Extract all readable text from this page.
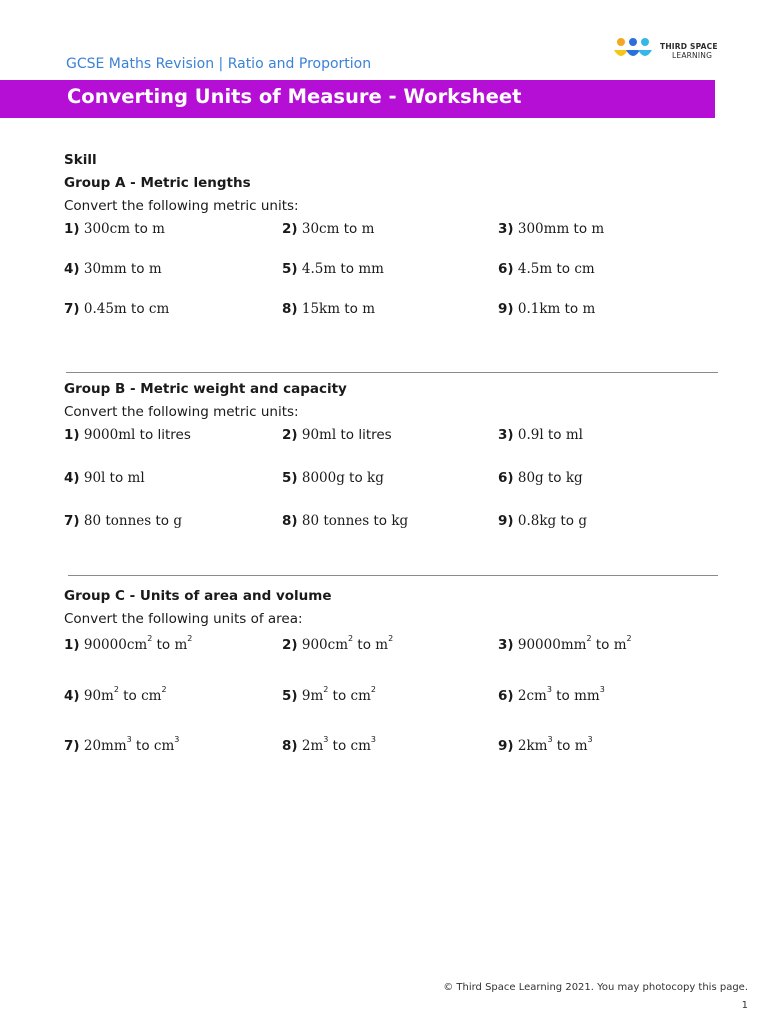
GCSE Maths Revision | Ratio and Proportion
THIRD SPACE
LEARNING
Converting Units of Measure - Worksheet
Skill
Group A - Metric lengths
Convert the following metric units:
1) 300cm to m	2) 30cm to m	3) 300mm to m
4) 30mm to m	5) 4.5m to mm	6) 4.5m to cm
7) 0.45m to cm	8) 15km to m	9) 0.1km to m
Group B - Metric weight and capacity
Convert the following metric units:
1) 9000ml to litres	2) 90ml to litres	3) 0.9l to ml
4) 90l to ml	5) 8000g to kg	6) 80g to kg
7) 80 tonnes to g	8) 80 tonnes to kg	9) 0.8kg to g
Group C - Units of area and volume
Convert the following units of area:
1) $90000cm^2$ to $m^2$	2) $900cm^2$ to $m^2$	3) $90000mm^2$ to $m^2$
4) $90m^2$ to $cm^2$	5) $9m^2$ to $cm^2$	6) $2cm^3$ to $mm^3$
7) $20mm^3$ to $cm^3$	8) $2m^3$ to $cm^3$	9) $2km^3$ to $m^3$
© Third Space Learning 2021. You may photocopy this page.
1
